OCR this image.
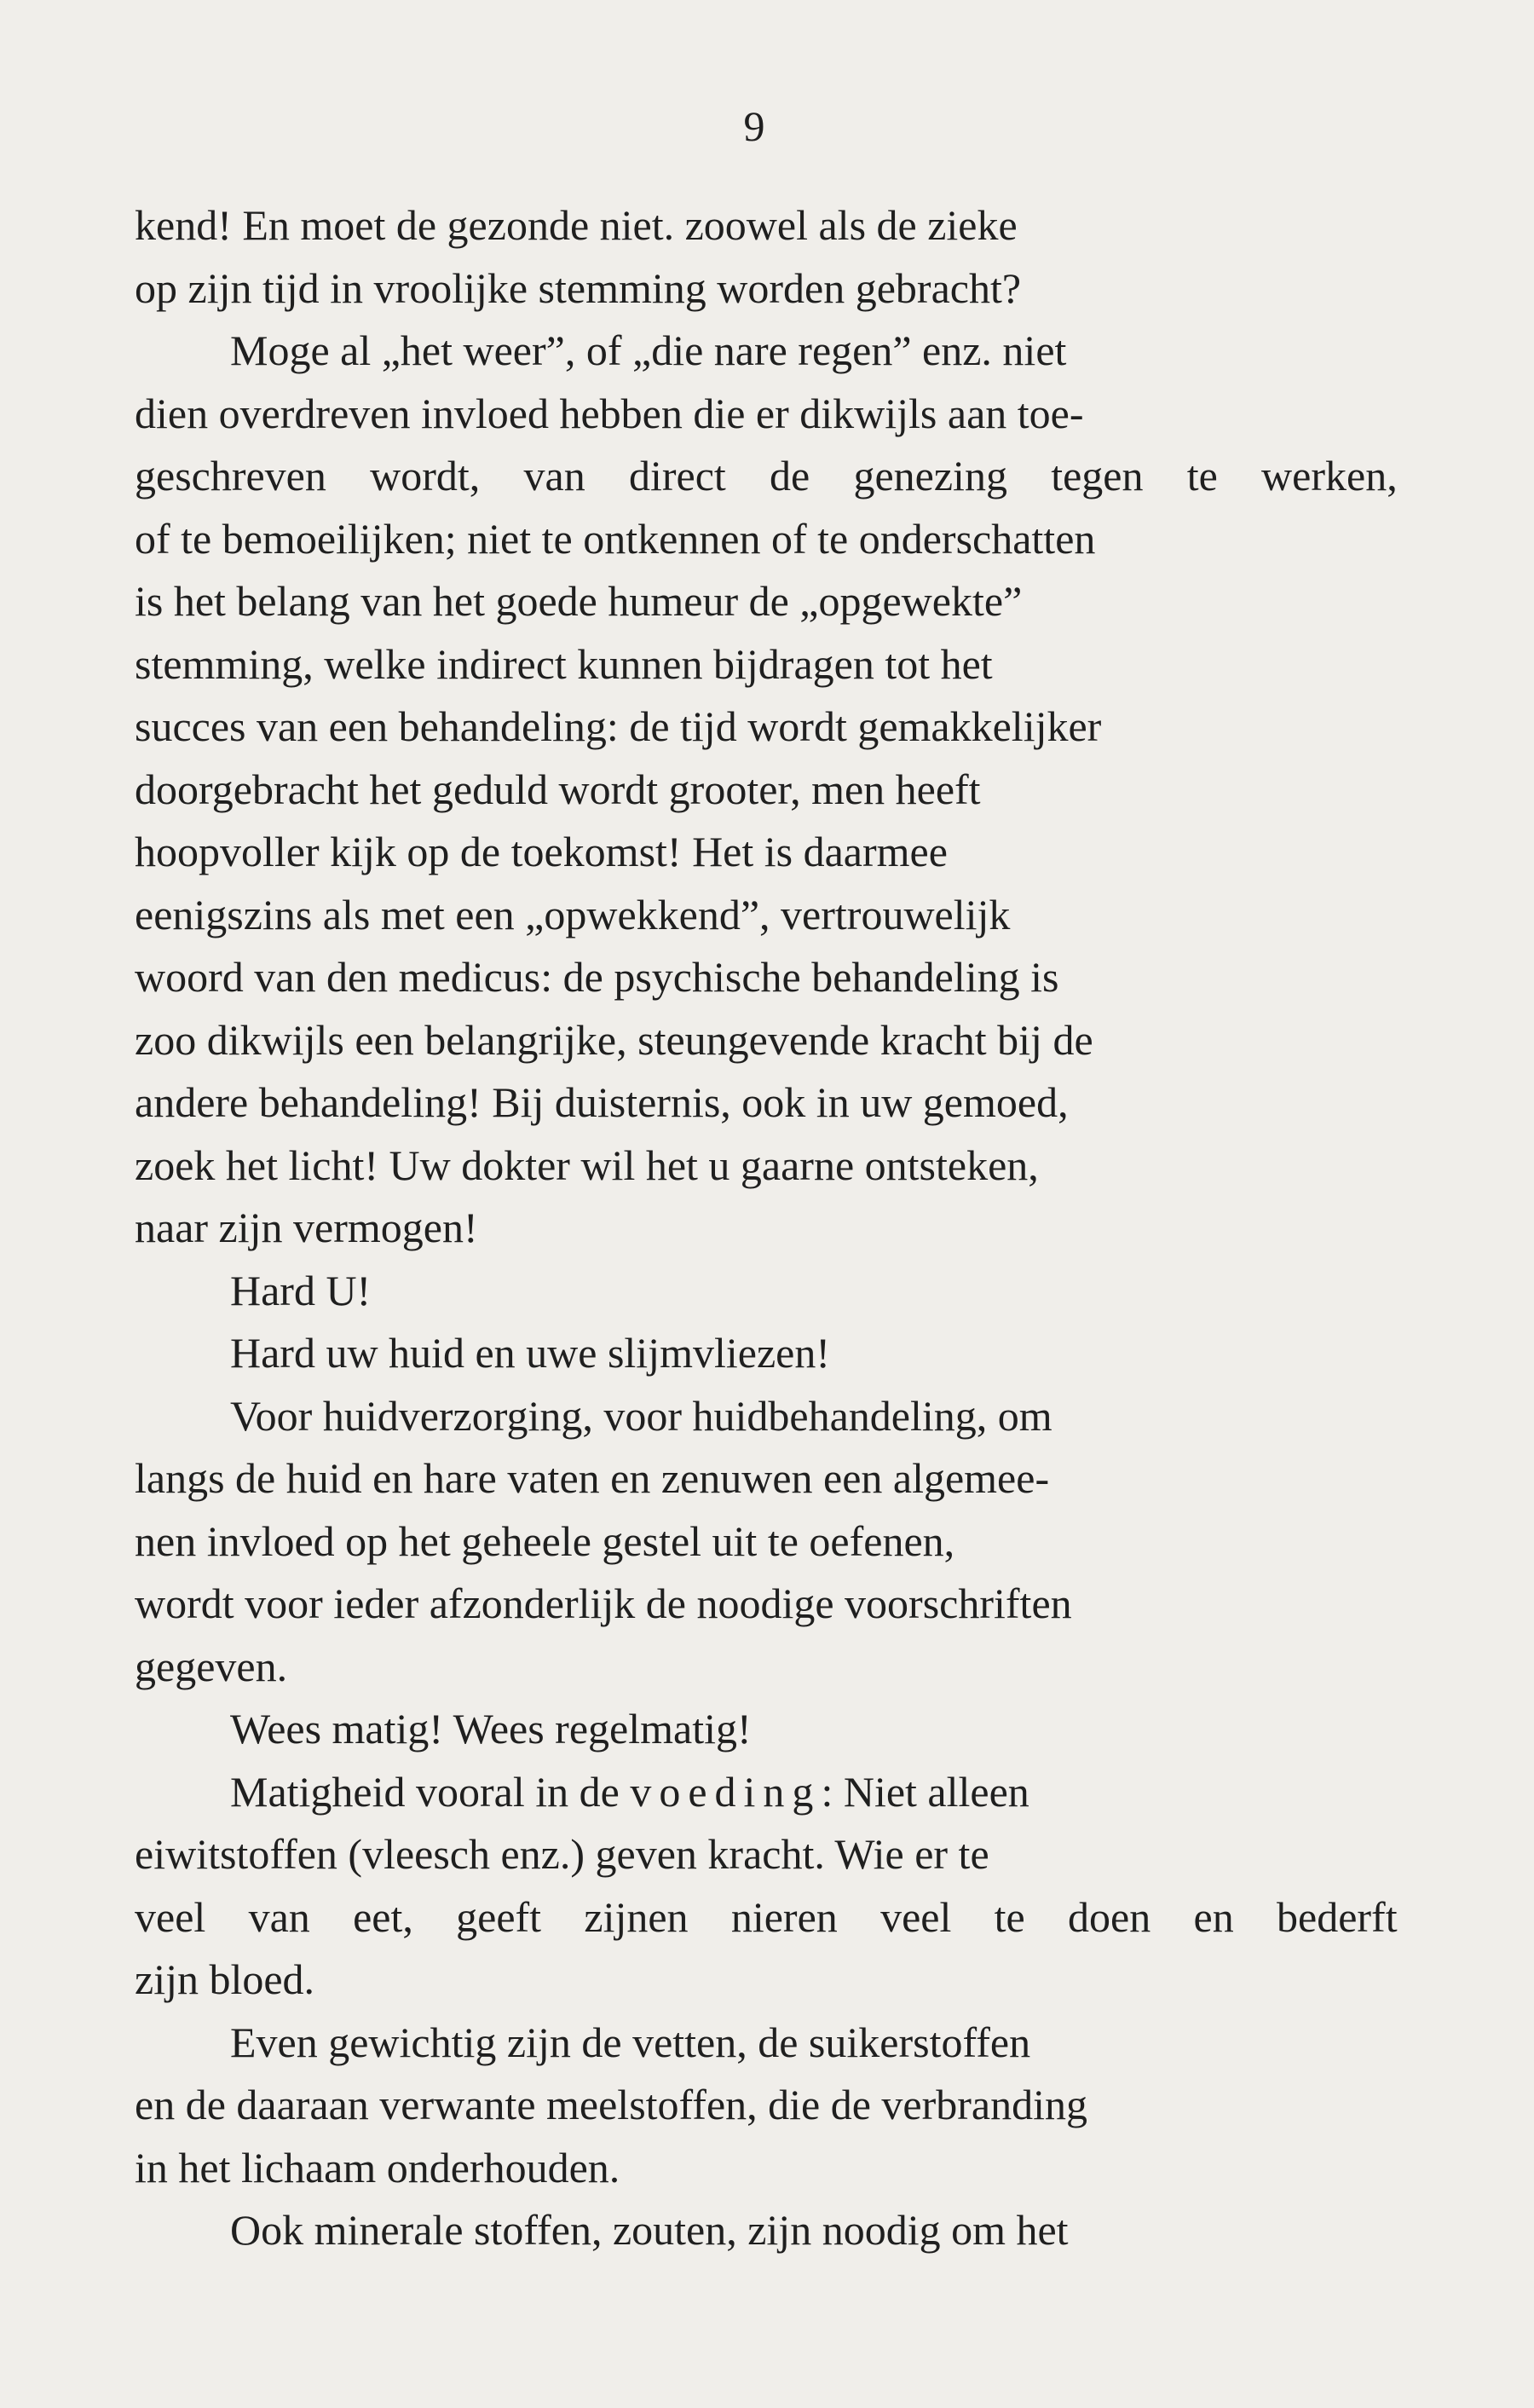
9
kend! En moet de gezonde niet. zoowel als de zieke
op zijn tijd in vroolijke stemming worden gebracht?
Moge al „het weer”, of „die nare regen” enz. niet
dien overdreven invloed hebben die er dikwijls aan toe-
geschreven wordt, van direct de genezing tegen te werken,
of te bemoeilijken; niet te ontkennen of te onderschatten
is het belang van het goede humeur de „opgewekte”
stemming, welke indirect kunnen bijdragen tot het
succes van een behandeling: de tijd wordt gemakkelijker
doorgebracht het geduld wordt grooter, men heeft
hoopvoller kijk op de toekomst! Het is daarmee
eenigszins als met een „opwekkend”, vertrouwelijk
woord van den medicus: de psychische behandeling is
zoo dikwijls een belangrijke, steungevende kracht bij de
andere behandeling! Bij duisternis, ook in uw gemoed,
zoek het licht! Uw dokter wil het u gaarne ontsteken,
naar zijn vermogen!
Hard U!
Hard uw huid en uwe slijmvliezen!
Voor huidverzorging, voor huidbehandeling, om
langs de huid en hare vaten en zenuwen een algemee-
nen invloed op het geheele gestel uit te oefenen,
wordt voor ieder afzonderlijk de noodige voorschriften
gegeven.
Wees matig! Wees regelmatig!
Matigheid vooral in de voeding: Niet alleen
eiwitstoffen (vleesch enz.) geven kracht. Wie er te
veel van eet, geeft zijnen nieren veel te doen en bederft
zijn bloed.
Even gewichtig zijn de vetten, de suikerstoffen
en de daaraan verwante meelstoffen, die de verbranding
in het lichaam onderhouden.
Ook minerale stoffen, zouten, zijn noodig om het
